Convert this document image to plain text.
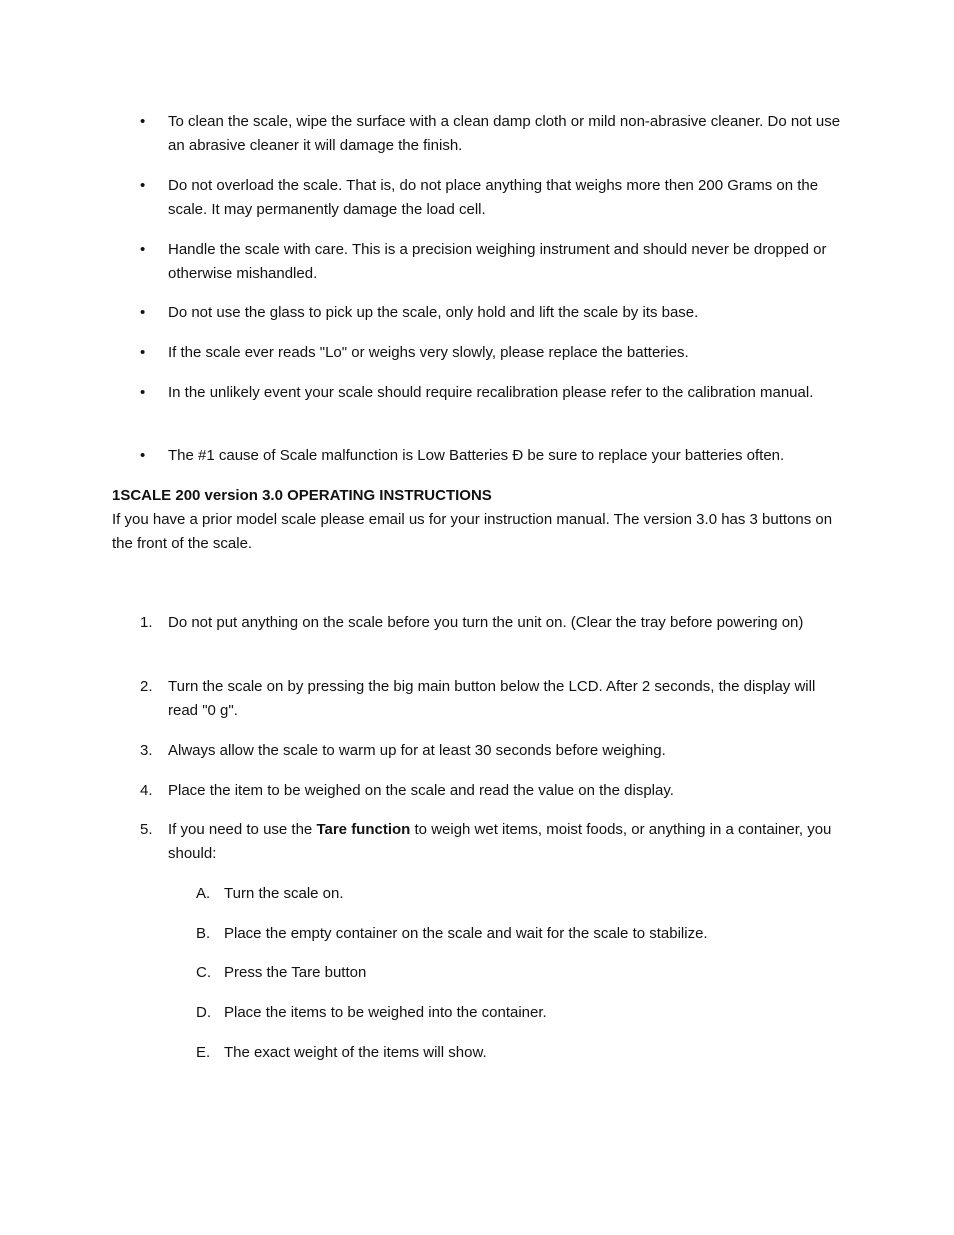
•	To clean the scale, wipe the surface with a clean damp cloth or mild non-abrasive cleaner. Do not use an abrasive cleaner it will damage the finish.
•	Do not overload the scale. That is, do not place anything that weighs more then 200 Grams on the scale. It may permanently damage the load cell.
•	Handle the scale with care. This is a precision weighing instrument and should never be dropped or otherwise mishandled.
•	Do not use the glass to pick up the scale, only hold and lift the scale by its base.
•	If the scale ever reads "Lo" or weighs very slowly, please replace the batteries.
•	In the unlikely event your scale should require recalibration please refer to the calibration manual.
•	The #1 cause of Scale malfunction is Low Batteries Đ be sure to replace your batteries often.

1SCALE 200 version 3.0 OPERATING INSTRUCTIONS

If you have a prior model scale please email us for your instruction manual. The version 3.0 has 3 buttons on the front of the scale.

1. Do not put anything on the scale before you turn the unit on. (Clear the tray before powering on)
2. Turn the scale on by pressing the big main button below the LCD. After 2 seconds, the display will read "0 g".
3. Always allow the scale to warm up for at least 30 seconds before weighing.
4. Place the item to be weighed on the scale and read the value on the display.
5. If you need to use the Tare function to weigh wet items, moist foods, or anything in a container, you should:
A. Turn the scale on.
B. Place the empty container on the scale and wait for the scale to stabilize.
C. Press the Tare button
D. Place the items to be weighed into the container.
E. The exact weight of the items will show.
